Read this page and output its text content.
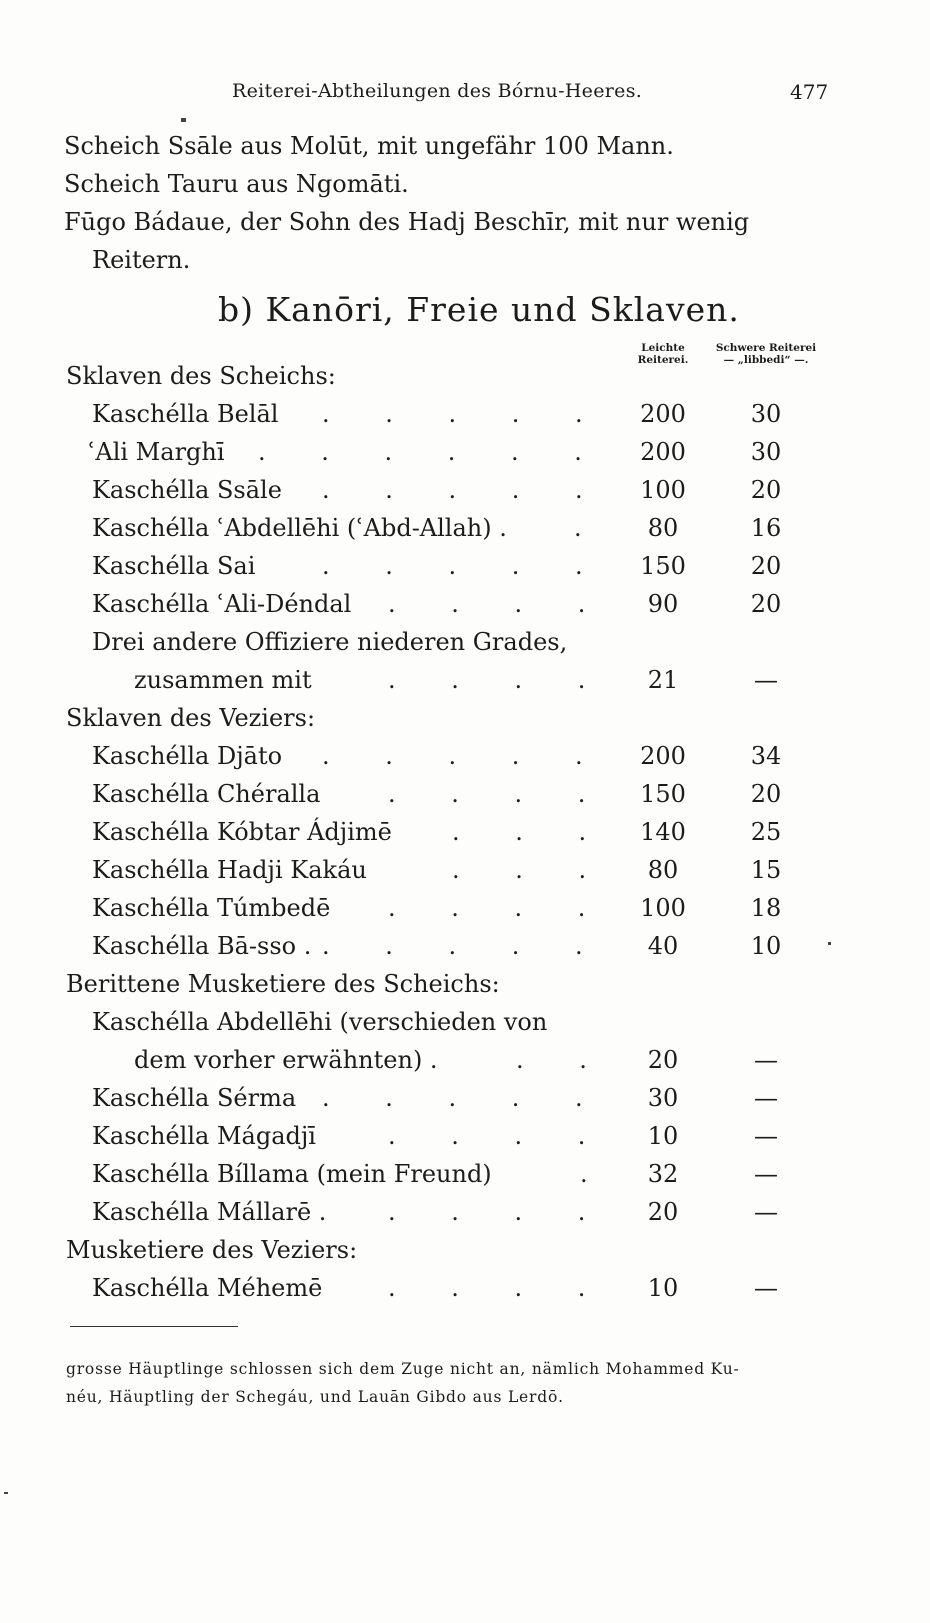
Reiterei-Abtheilungen des Bórnu-Heeres.	477
Scheich Ssāle aus Molūt, mit ungefähr 100 Mann.
Scheich Tauru aus Ngomāti.
Fūgo Bádaue, der Sohn des Hadj Beschīr, mit nur wenig
Reitern.
b) Kanōri, Freie und Sklaven.
Leichte
Reiterei.
Schwere Reiterei
— „libbedi“ —.
Sklaven des Scheichs:
Kaschélla Belāl . . . . .	200	30
ʿAli Marghī . . . . . .	200	30
Kaschélla Ssāle . . . . .	100	20
Kaschélla ʿAbdellēhi (ʿAbd-Allah) .	.	80	16
Kaschélla Sai	. . . . .	150	20
Kaschélla ʿAli-Déndal . . . .	90	20
Drei andere Offiziere niederen Grades,
zusammen mit	. . . .	21	—
Sklaven des Veziers:
Kaschélla Djāto . . . . .	200	34
Kaschélla Chéralla	. . . .	150	20
Kaschélla Kóbtar Ádjimē	. . .	140	25
Kaschélla Hadji Kakáu	. . .	80	15
Kaschélla Túmbedē . . . .	100	18
Kaschélla Bā-sso . . . . . .	40	10
Berittene Musketiere des Scheichs:
Kaschélla Abdellēhi (verschieden von
dem vorher erwähnten) .	. .	20	—
Kaschélla Sérma . . . . .	30	—
Kaschélla Mágadjī	. . . .	10	—
Kaschélla Bíllama (mein Freund)	.	32	—
Kaschélla Mállarē .	. . . .	20	—
Musketiere des Veziers:
Kaschélla Méhemē	. . . .	10	—
grosse Häuptlinge schlossen sich dem Zuge nicht an, nämlich Mohammed Ku-
néu, Häuptling der Schegáu, und Lauān Gibdo aus Lerdō.
